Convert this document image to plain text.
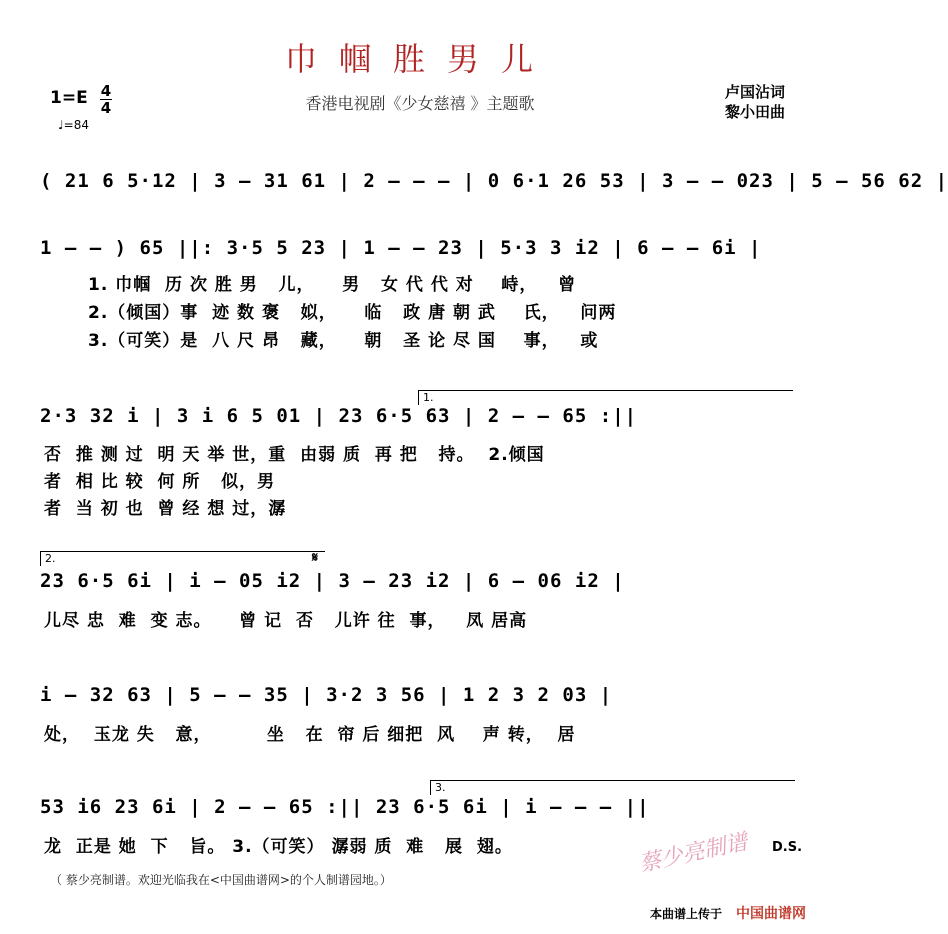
巾帼胜男儿
香港电视剧《少女慈禧 》主题歌
1=E 4
4
♩=84
卢国沾词
黎小田曲
( 21 6 5·12 | 3 — 31 61 | 2 — — — | 0 6·1 26 53 | 3 — — 023 | 5 — 56 62 |
1 — — ) 65 ||: 3·5 5 23 | 1 — — 23 | 5·3 3 i2 | 6 — — 6i |
1. 巾帼  历 次 胜 男   儿，    男   女 代 代 对    峙，   曾
2.（倾国）事  迹 数 褒   姒，    临   政 唐 朝 武    氏，   问两
3.（可笑）是  八 尺 昂   藏，    朝   圣 论 尽 国    事，   或
1.
2·3 32 i | 3 i 6 5 01 | 23 6·5 63 | 2 — — 65 :||
否  推 测 过  明 天 举 世，重  由弱 质  再 把   持。  2.倾国
者  相 比 较  何 所   似，男
者  当 初 也  曾 经 想 过，潺
2.	𝄋
23 6·5 6i | i — 05 i2 | 3 — 23 i2 | 6 — 06 i2 |
儿尽 忠  难  变 志。    曾 记  否   儿许 往  事，   凤 居高
i — 32 63 | 5 — — 35 | 3·2 3 56 | 1 2 3 2 03 |
处，  玉龙 失   意，        坐   在  帘 后 细把  风    声 转，  居
3.
53 i6 23 6i | 2 — — 65 :|| 23 6·5 6i | i — — — ||
龙  正是 她  下   旨。 3.（可笑） 潺弱 质  难   展  翅。	D.S.
蔡少亮制谱
（ 蔡少亮制谱。欢迎光临我在<中国曲谱网>的个人制谱园地。）
本曲谱上传于 中国曲谱网
